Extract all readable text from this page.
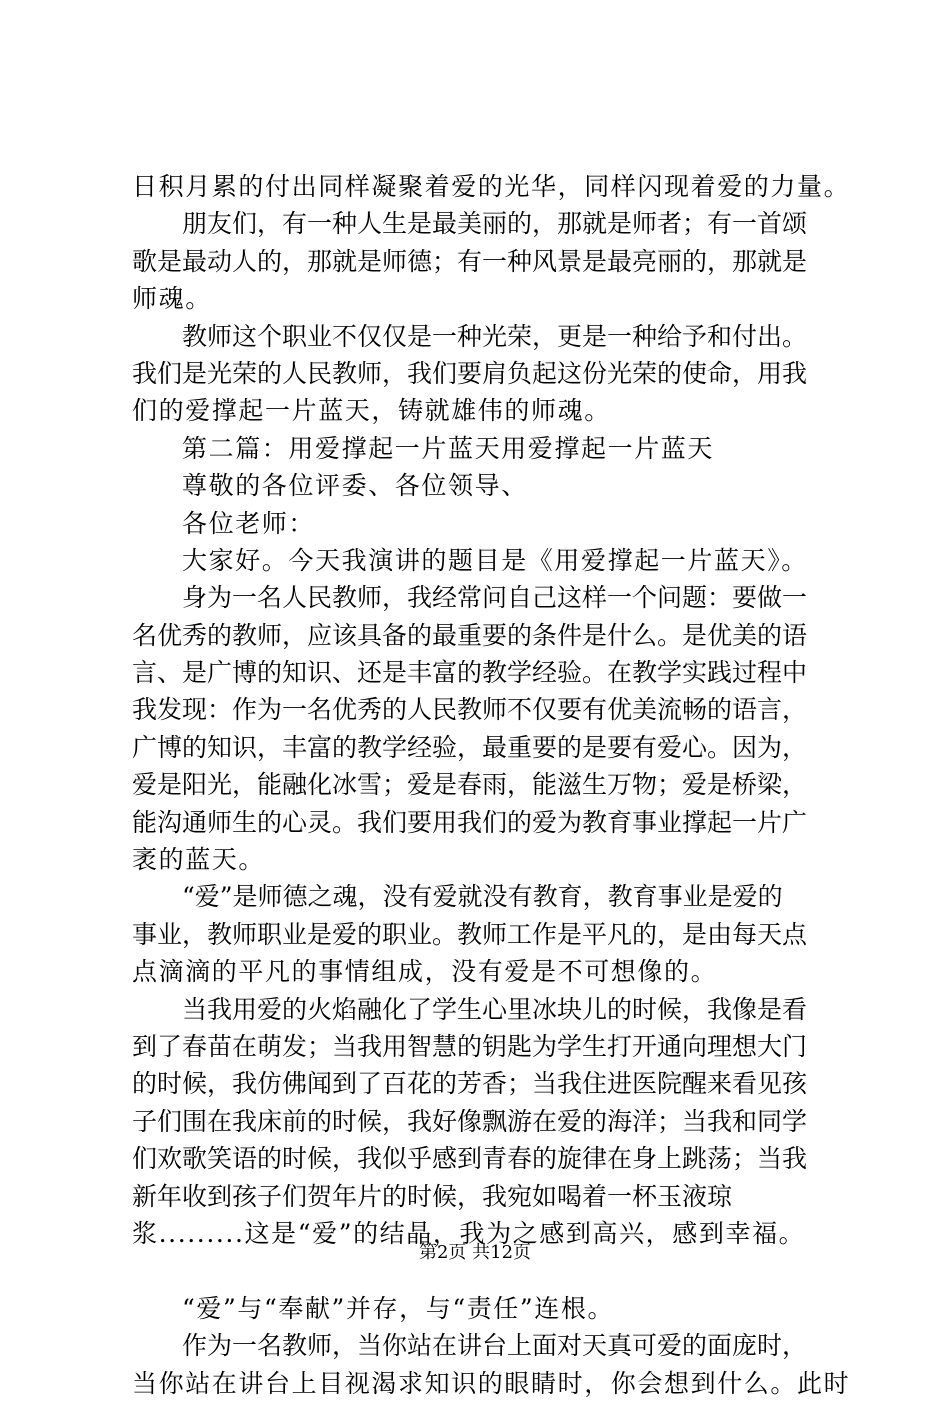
日积月累的付出同样凝聚着爱的光华，同样闪现着爱的力量。
朋友们，有一种人生是最美丽的，那就是师者；有一首颂
歌是最动人的，那就是师德；有一种风景是最亮丽的，那就是
师魂。
教师这个职业不仅仅是一种光荣，更是一种给予和付出。
我们是光荣的人民教师，我们要肩负起这份光荣的使命，用我
们的爱撑起一片蓝天，铸就雄伟的师魂。
第二篇：用爱撑起一片蓝天用爱撑起一片蓝天
尊敬的各位评委、各位领导、
各位老师：
大家好。今天我演讲的题目是《用爱撑起一片蓝天》。
身为一名人民教师，我经常问自己这样一个问题：要做一
名优秀的教师，应该具备的最重要的条件是什么。是优美的语
言、是广博的知识、还是丰富的教学经验。在教学实践过程中
我发现：作为一名优秀的人民教师不仅要有优美流畅的语言，
广博的知识，丰富的教学经验，最重要的是要有爱心。因为，
爱是阳光，能融化冰雪；爱是春雨，能滋生万物；爱是桥梁，
能沟通师生的心灵。我们要用我们的爱为教育事业撑起一片广
袤的蓝天。
“爱”是师德之魂，没有爱就没有教育，教育事业是爱的
事业，教师职业是爱的职业。教师工作是平凡的，是由每天点
点滴滴的平凡的事情组成，没有爱是不可想像的。
当我用爱的火焰融化了学生心里冰块儿的时候，我像是看
到了春苗在萌发；当我用智慧的钥匙为学生打开通向理想大门
的时候，我仿佛闻到了百花的芳香；当我住进医院醒来看见孩
子们围在我床前的时候，我好像飘游在爱的海洋；当我和同学
们欢歌笑语的时候，我似乎感到青春的旋律在身上跳荡；当我
新年收到孩子们贺年片的时候，我宛如喝着一杯玉液琼
浆.........这是“爱”的结晶，我为之感到高兴，感到幸福。
“爱”与“奉献”并存，与“责任”连根。
作为一名教师，当你站在讲台上面对天真可爱的面庞时，
当你站在讲台上目视渴求知识的眼睛时，你会想到什么。此时
第2页 共12页
